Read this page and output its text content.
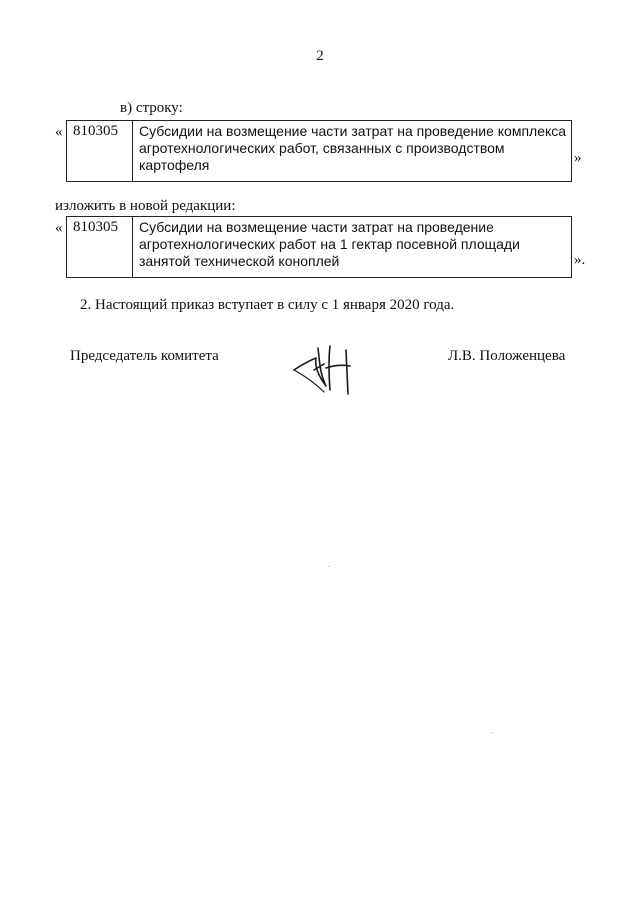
2
в) строку:
« 810305	Субсидии на возмещение части затрат на проведение комплекса агротехнологических работ, связанных с производством картофеля	»
изложить в новой редакции:
« 810305	Субсидии на возмещение части затрат на проведение агротехнологических работ на 1 гектар посевной площади занятой технической коноплей	».
2. Настоящий приказ вступает в силу с 1 января 2020 года.
Председатель комитета	Л.В. Положенцева
